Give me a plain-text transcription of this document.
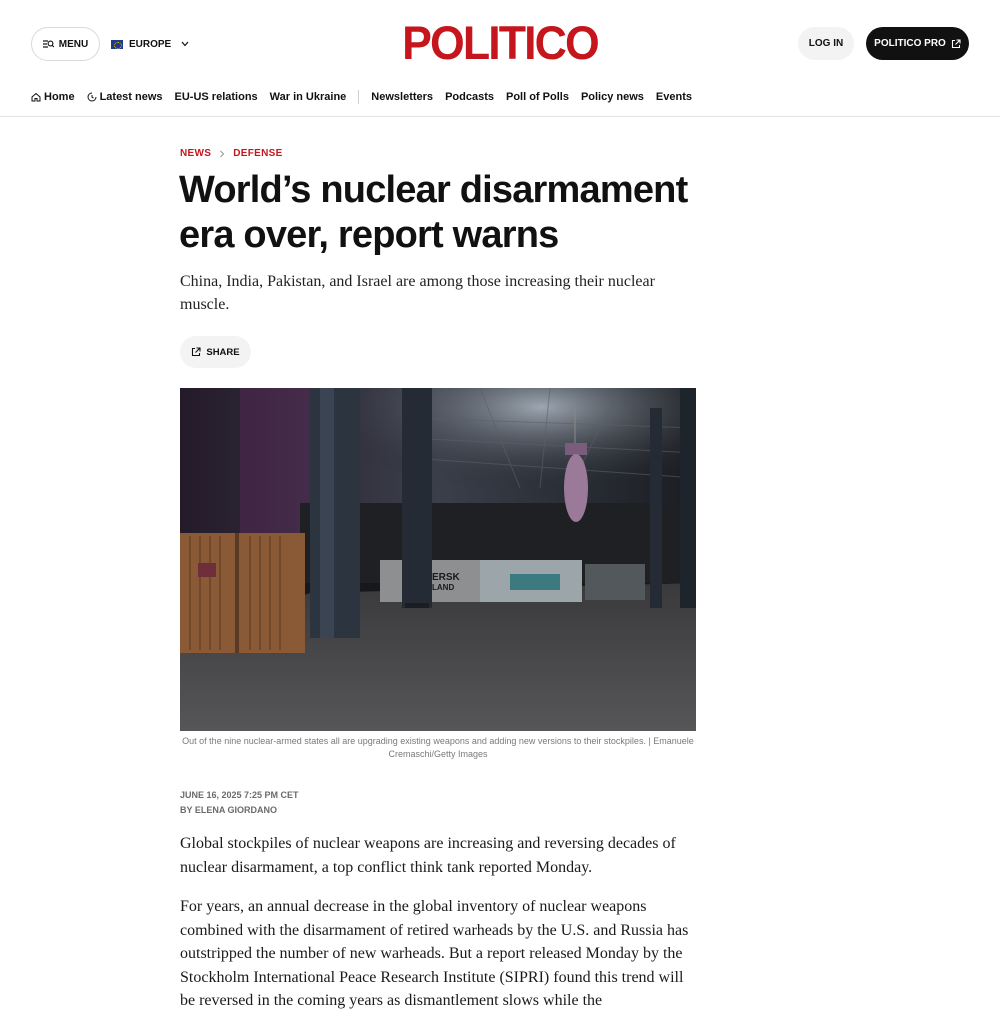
MENU	EUROPE	POLITICO	LOG IN	POLITICO PRO
Home Latest news EU-US relations War in Ukraine Newsletters Podcasts Poll of Polls Policy news Events
NEWS DEFENSE
World’s nuclear disarmament era over, report warns

China, India, Pakistan, and Israel are among those increasing their nuclear muscle.

SHARE
ERSK
LAND

Out of the nine nuclear-armed states all are upgrading existing weapons and adding new versions to their stockpiles. | Emanuele Cremaschi/Getty Images

JUNE 16, 2025 7:25 PM CET
BY ELENA GIORDANO

Global stockpiles of nuclear weapons are increasing and reversing decades of nuclear disarmament, a top conflict think tank reported Monday.

For years, an annual decrease in the global inventory of nuclear weapons combined with the disarmament of retired warheads by the U.S. and Russia has outstripped the number of new warheads. But a report released Monday by the Stockholm International Peace Research Institute (SIPRI) found this trend will be reversed in the coming years as dismantlement slows while the
